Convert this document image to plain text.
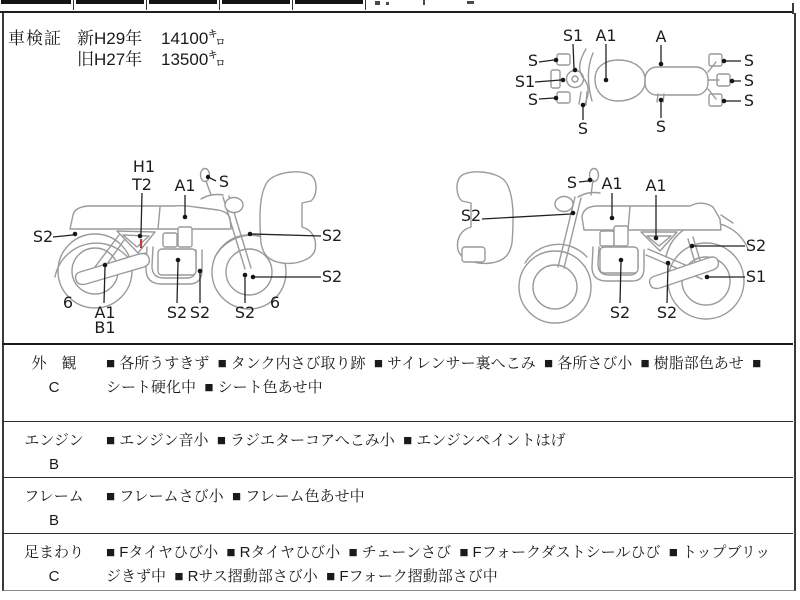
車検証 新H29年 14100㌔
旧H27年 13500㌔
S1 A1 A
S
S1
S
S	S
S
S
S
H1
T2 A1 S
S2	S2
S2
6
A1
B1
S2 S2 S2
6
S A1 A1
S2
S2
S1
S2 S2
外　観
C
■ 各所うすきず  ■ タンク内さび取り跡  ■ サイレンサー裏へこみ  ■ 各所さび小  ■ 樹脂部色あせ  ■ シート硬化中  ■ シート色あせ中
エンジン
B
■ エンジン音小  ■ ラジエターコアへこみ小  ■ エンジンペイントはげ
フレーム
B
■ フレームさび小  ■ フレーム色あせ中
足まわり
C
■ Fタイヤひび小  ■ Rタイヤひび小  ■ チェーンさび  ■ Fフォークダストシールひび  ■ トップブリッジきず中  ■ Rサス摺動部さび小  ■ Fフォーク摺動部さび中
